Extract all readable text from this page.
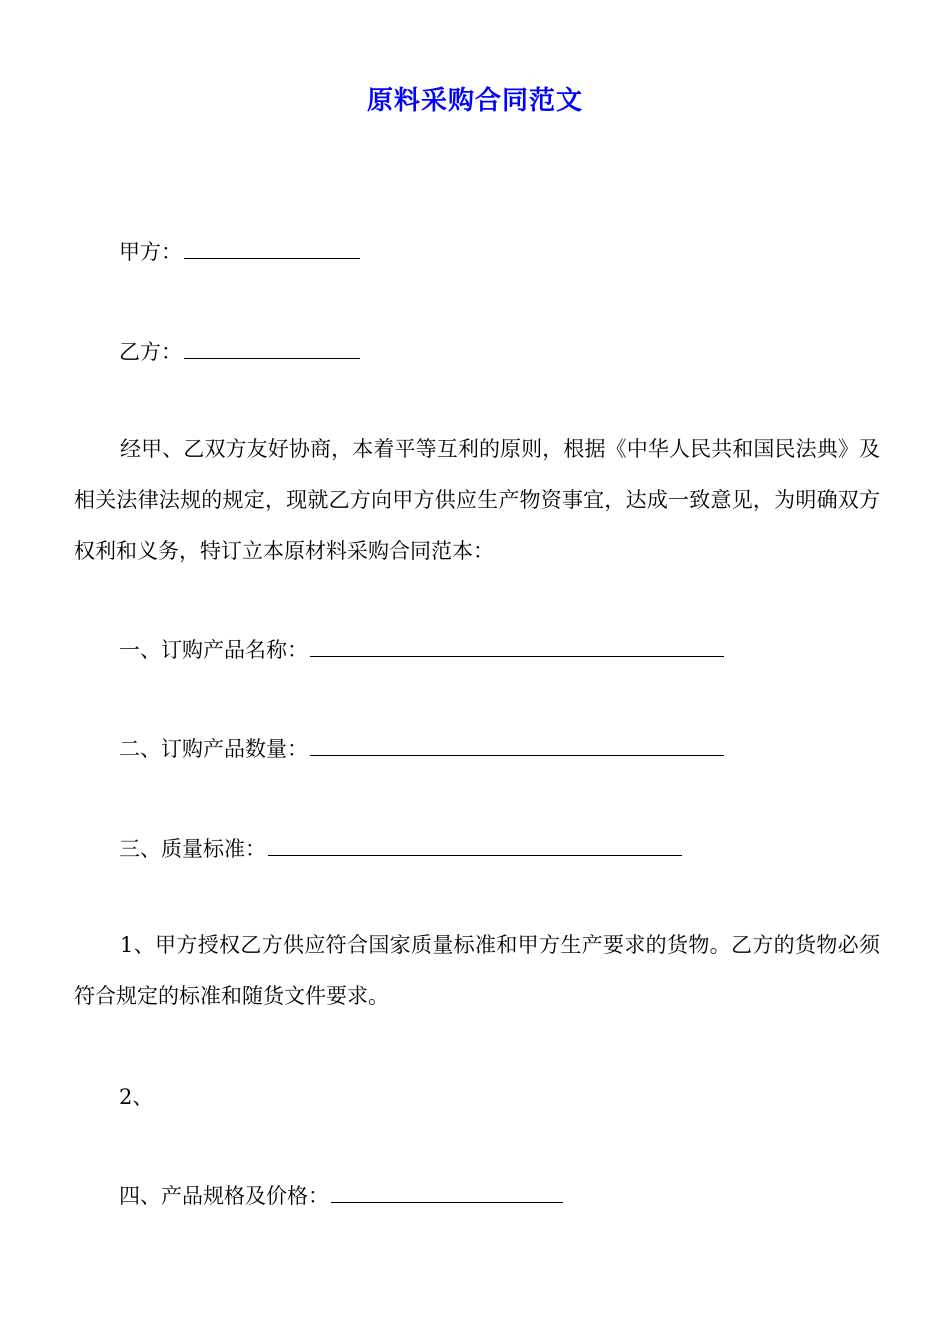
原料采购合同范文
甲方：
乙方：
经甲、乙双方友好协商，本着平等互利的原则，根据《中华人民共和国民法典》及相关法律法规的规定，现就乙方向甲方供应生产物资事宜，达成一致意见，为明确双方权利和义务，特订立本原材料采购合同范本：
一、订购产品名称：
二、订购产品数量：
三、质量标准：
1、甲方授权乙方供应符合国家质量标准和甲方生产要求的货物。乙方的货物必须符合规定的标准和随货文件要求。
2、
四、产品规格及价格：
